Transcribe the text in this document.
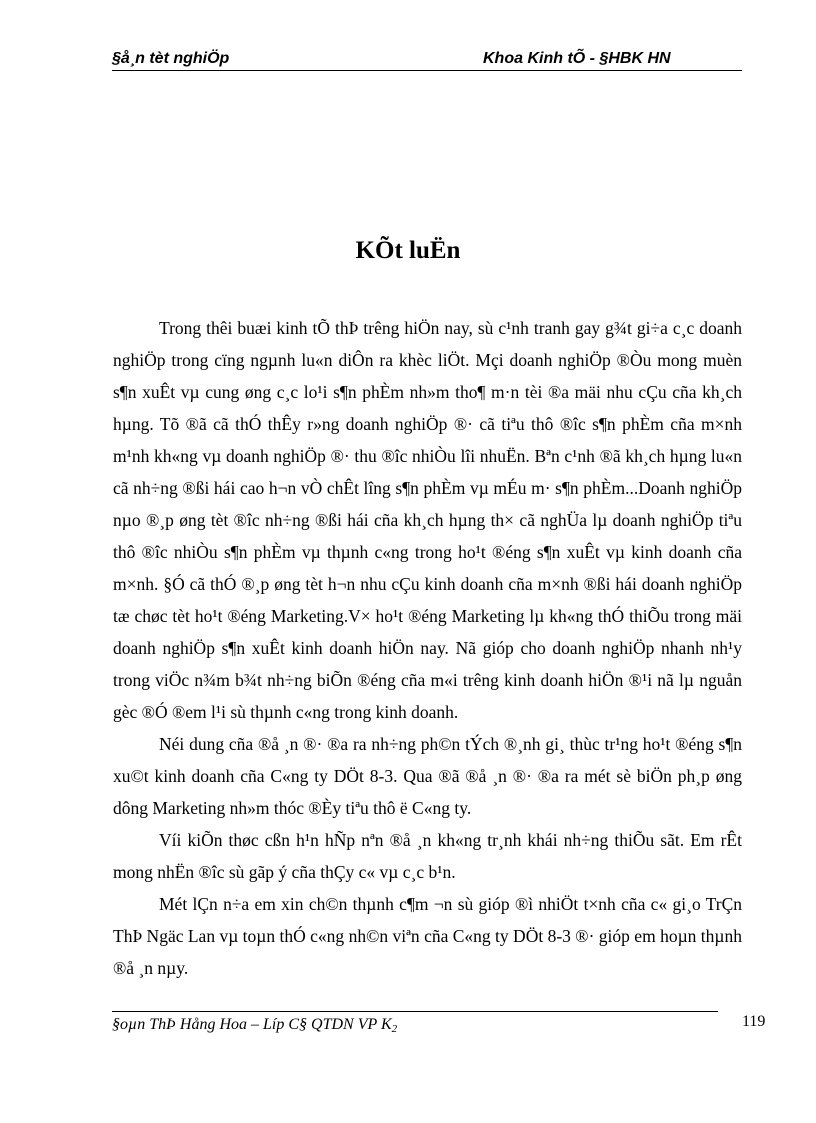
§å¸n tèt nghiÖp	Khoa Kinh tÕ - §HBK HN
KÕt luËn

Trong thêi buæi kinh tÕ thÞ trêng hiÖn nay, sù c¹nh tranh gay g¾t gi÷a c¸c doanh nghiÖp trong cïng ngµnh lu«n diÔn ra khèc liÖt. Mçi doanh nghiÖp ®Òu mong muèn s¶n xuÊt vµ cung øng c¸c lo¹i s¶n phÈm nh»m tho¶ m·n tèi ®a mäi nhu cÇu cña kh¸ch hµng. Tõ ®ã cã thÓ thÊy r»ng doanh nghiÖp ®· cã tiªu thô ®îc s¶n phÈm cña m×nh m¹nh kh«ng vµ doanh nghiÖp ®· thu ®îc nhiÒu lîi nhuËn. Bªn c¹nh ®ã kh¸ch hµng lu«n cã nh÷ng ®ßi hái cao h¬n vÒ chÊt lîng s¶n phÈm vµ mÉu m· s¶n phÈm...Doanh nghiÖp nµo ®¸p øng tèt ®îc nh÷ng ®ßi hái cña kh¸ch hµng th× cã nghÜa lµ doanh nghiÖp tiªu thô ®îc nhiÒu s¶n phÈm vµ thµnh c«ng trong ho¹t ®éng s¶n xuÊt vµ kinh doanh cña m×nh. §Ó cã thÓ ®¸p øng tèt h¬n nhu cÇu kinh doanh cña m×nh ®ßi hái doanh nghiÖp tæ chøc tèt ho¹t ®éng Marketing.V× ho¹t ®éng Marketing lµ kh«ng thÓ thiÕu trong mäi doanh nghiÖp s¶n xuÊt kinh doanh hiÖn nay. Nã gióp cho doanh nghiÖp nhanh nh¹y trong viÖc n¾m b¾t nh÷ng biÕn ®éng cña m«i trêng kinh doanh hiÖn ®¹i nã lµ nguån gèc ®Ó ®em l¹i sù thµnh c«ng trong kinh doanh.

Néi dung cña ®å ¸n ®· ®a ra nh÷ng ph©n tÝch ®¸nh gi¸ thùc tr¹ng ho¹t ®éng s¶n xu©t kinh doanh cña C«ng ty DÖt 8-3. Qua ®ã ®å ¸n ®· ®a ra mét sè biÖn ph¸p øng dông Marketing nh»m thóc ®Èy tiªu thô ë C«ng ty.

Víi kiÕn thøc cßn h¹n hÑp nªn ®å ¸n kh«ng tr¸nh khái nh÷ng thiÕu sãt. Em rÊt mong nhËn ®îc sù gãp ý cña thÇy c« vµ c¸c b¹n.

Mét lÇn n÷a em xin ch©n thµnh c¶m ¬n sù gióp ®ì nhiÖt t×nh cña c« gi¸o TrÇn ThÞ Ngäc Lan vµ toµn thÓ c«ng nh©n viªn cña C«ng ty DÖt 8-3 ®· gióp em hoµn thµnh ®å ¸n nµy.

§oµn ThÞ Hång Hoa – Líp C§ QTDN VP $K_2$	119
